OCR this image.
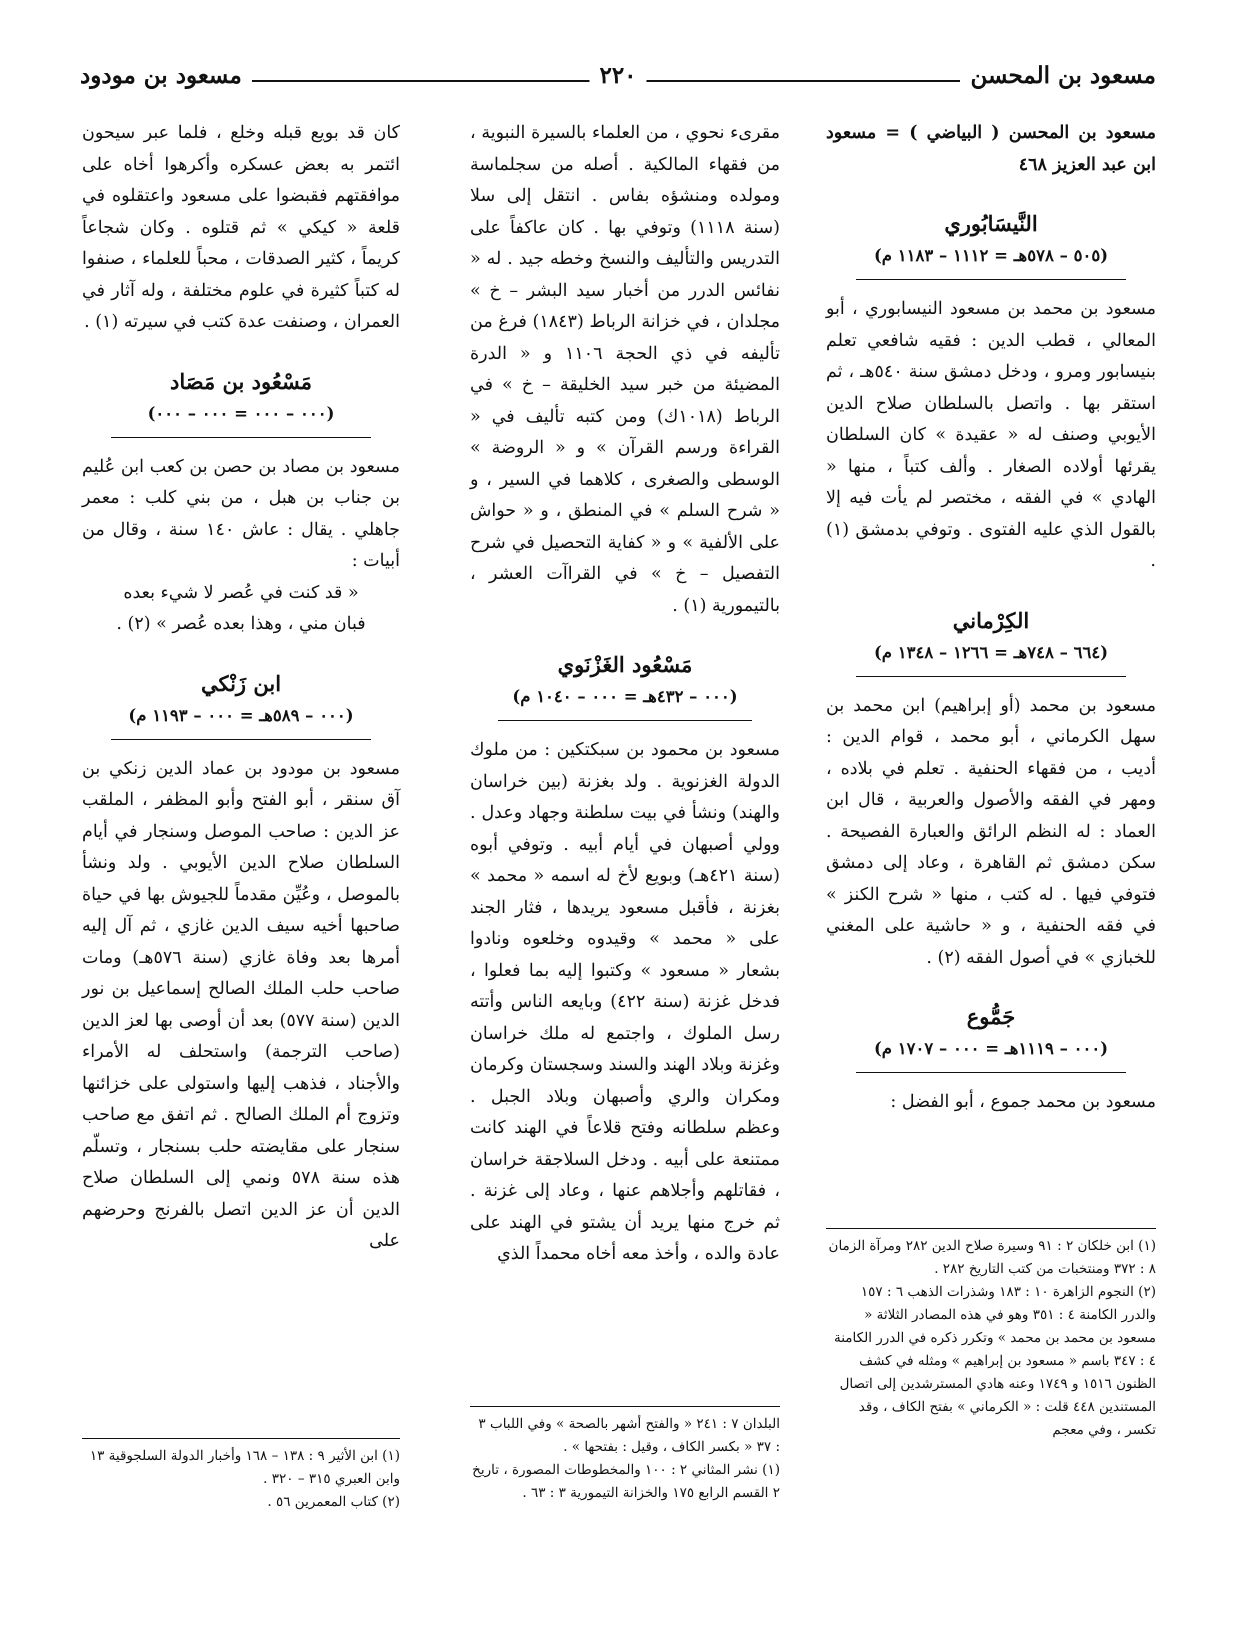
مسعود بن المحسن
٢٢٠
مسعود بن مودود

مسعود بن المحسن ( البياضي ) = مسعود ابن عبد العزيز ٤٦٨

النَّيسَابُوري
(٥٠٥ – ٥٧٨هـ = ١١١٢ – ١١٨٣ م)

مسعود بن محمد بن مسعود النيسابوري ، أبو المعالي ، قطب الدين : فقيه شافعي تعلم بنيسابور ومرو ، ودخل دمشق سنة ٥٤٠هـ ، ثم استقر بها . واتصل بالسلطان صلاح الدين الأيوبي وصنف له « عقيدة » كان السلطان يقرئها أولاده الصغار . وألف كتباً ، منها « الهادي » في الفقه ، مختصر لم يأت فيه إلا بالقول الذي عليه الفتوى . وتوفي بدمشق (١) .

الكِرْماني
(٦٦٤ – ٧٤٨هـ = ١٢٦٦ – ١٣٤٨ م)

مسعود بن محمد (أو إبراهيم) ابن محمد بن سهل الكرماني ، أبو محمد ، قوام الدين : أديب ، من فقهاء الحنفية . تعلم في بلاده ، ومهر في الفقه والأصول والعربية ، قال ابن العماد : له النظم الرائق والعبارة الفصيحة . سكن دمشق ثم القاهرة ، وعاد إلى دمشق فتوفي فيها . له كتب ، منها « شرح الكنز » في فقه الحنفية ، و « حاشية على المغني للخبازي » في أصول الفقه (٢) .

جَمُّوع
(٠٠٠ – ١١١٩هـ = ٠٠٠ – ١٧٠٧ م)

مسعود بن محمد جموع ، أبو الفضل :

(١) ابن خلكان ٢ : ٩١ وسيرة صلاح الدين ٢٨٢ ومرآة الزمان ٨ : ٣٧٢ ومنتخبات من كتب التاريخ ٢٨٢ .

(٢) النجوم الزاهرة ١٠ : ١٨٣ وشذرات الذهب ٦ : ١٥٧ والدرر الكامنة ٤ : ٣٥١ وهو في هذه المصادر الثلاثة « مسعود بن محمد بن محمد » وتكرر ذكره في الدرر الكامنة ٤ : ٣٤٧ باسم « مسعود بن إبراهيم » ومثله في كشف الظنون ١٥١٦ و ١٧٤٩ وعنه هادي المسترشدين إلى اتصال المستندين ٤٤٨ قلت : « الكرماني » بفتح الكاف ، وقد تكسر ، وفي معجم

مقرىء نحوي ، من العلماء بالسيرة النبوية ، من فقهاء المالكية . أصله من سجلماسة ومولده ومنشؤه بفاس . انتقل إلى سلا (سنة ١١١٨) وتوفي بها . كان عاكفاً على التدريس والتأليف والنسخ وخطه جيد . له « نفائس الدرر من أخبار سيد البشر – خ » مجلدان ، في خزانة الرباط (١٨٤٣) فرغ من تأليفه في ذي الحجة ١١٠٦ و « الدرة المضيئة من خبر سيد الخليقة – خ » في الرباط (١٠١٨ك) ومن كتبه تأليف في « القراءة ورسم القرآن » و « الروضة » الوسطى والصغرى ، كلاهما في السير ، و « شرح السلم » في المنطق ، و « حواش على الألفية » و « كفاية التحصيل في شرح التفصيل – خ » في القراآت العشر ، بالتيمورية (١) .

مَسْعُود الغَزْنَوي
(٠٠٠ – ٤٣٢هـ = ٠٠٠ – ١٠٤٠ م)

مسعود بن محمود بن سبكتكين : من ملوك الدولة الغزنوية . ولد بغزنة (بين خراسان والهند) ونشأ في بيت سلطنة وجهاد وعدل . وولي أصبهان في أيام أبيه . وتوفي أبوه (سنة ٤٢١هـ) وبويع لأخ له اسمه « محمد » بغزنة ، فأقبل مسعود يريدها ، فثار الجند على « محمد » وقيدوه وخلعوه ونادوا بشعار « مسعود » وكتبوا إليه بما فعلوا ، فدخل غزنة (سنة ٤٢٢) وبايعه الناس وأتته رسل الملوك ، واجتمع له ملك خراسان وغزنة وبلاد الهند والسند وسجستان وكرمان ومكران والري وأصبهان وبلاد الجبل . وعظم سلطانه وفتح قلاعاً في الهند كانت ممتنعة على أبيه . ودخل السلاجقة خراسان ، فقاتلهم وأجلاهم عنها ، وعاد إلى غزنة . ثم خرج منها يريد أن يشتو في الهند على عادة والده ، وأخذ معه أخاه محمداً الذي

البلدان ٧ : ٢٤١ « والفتح أشهر بالصحة » وفي اللباب ٣ : ٣٧ « بكسر الكاف ، وقيل : بفتحها » .

(١) نشر المثاني ٢ : ١٠٠ والمخطوطات المصورة ، تاريخ ٢ القسم الرابع ١٧٥ والخزانة التيمورية ٣ : ٦٣ .

كان قد بويع قبله وخلع ، فلما عبر سيحون ائتمر به بعض عسكره وأكرهوا أخاه على موافقتهم فقبضوا على مسعود واعتقلوه في قلعة « كيكي » ثم قتلوه . وكان شجاعاً كريماً ، كثير الصدقات ، محباً للعلماء ، صنفوا له كتباً كثيرة في علوم مختلفة ، وله آثار في العمران ، وصنفت عدة كتب في سيرته (١) .

مَسْعُود بن مَصَاد
(٠٠٠ – ٠٠٠ = ٠٠٠ – ٠٠٠)

مسعود بن مصاد بن حصن بن كعب ابن عُليم بن جناب بن هبل ، من بني كلب : معمر جاهلي . يقال : عاش ١٤٠ سنة ، وقال من أبيات :

« قد كنت في عُصر لا شيء بعده

فبان مني ، وهذا بعده عُصر » (٢) .

ابن زَنْكي
(٠٠٠ – ٥٨٩هـ = ٠٠٠ – ١١٩٣ م)

مسعود بن مودود بن عماد الدين زنكي بن آق سنقر ، أبو الفتح وأبو المظفر ، الملقب عز الدين : صاحب الموصل وسنجار في أيام السلطان صلاح الدين الأيوبي . ولد ونشأ بالموصل ، وعُيِّن مقدماً للجيوش بها في حياة صاحبها أخيه سيف الدين غازي ، ثم آل إليه أمرها بعد وفاة غازي (سنة ٥٧٦هـ) ومات صاحب حلب الملك الصالح إسماعيل بن نور الدين (سنة ٥٧٧) بعد أن أوصى بها لعز الدين (صاحب الترجمة) واستحلف له الأمراء والأجناد ، فذهب إليها واستولى على خزائنها وتزوج أم الملك الصالح . ثم اتفق مع صاحب سنجار على مقايضته حلب بسنجار ، وتسلّم هذه سنة ٥٧٨ ونمي إلى السلطان صلاح الدين أن عز الدين اتصل بالفرنج وحرضهم على

(١) ابن الأثير ٩ : ١٣٨ – ١٦٨ وأخبار الدولة السلجوقية ١٣ وابن العبري ٣١٥ – ٣٢٠ .

(٢) كتاب المعمرين ٥٦ .
